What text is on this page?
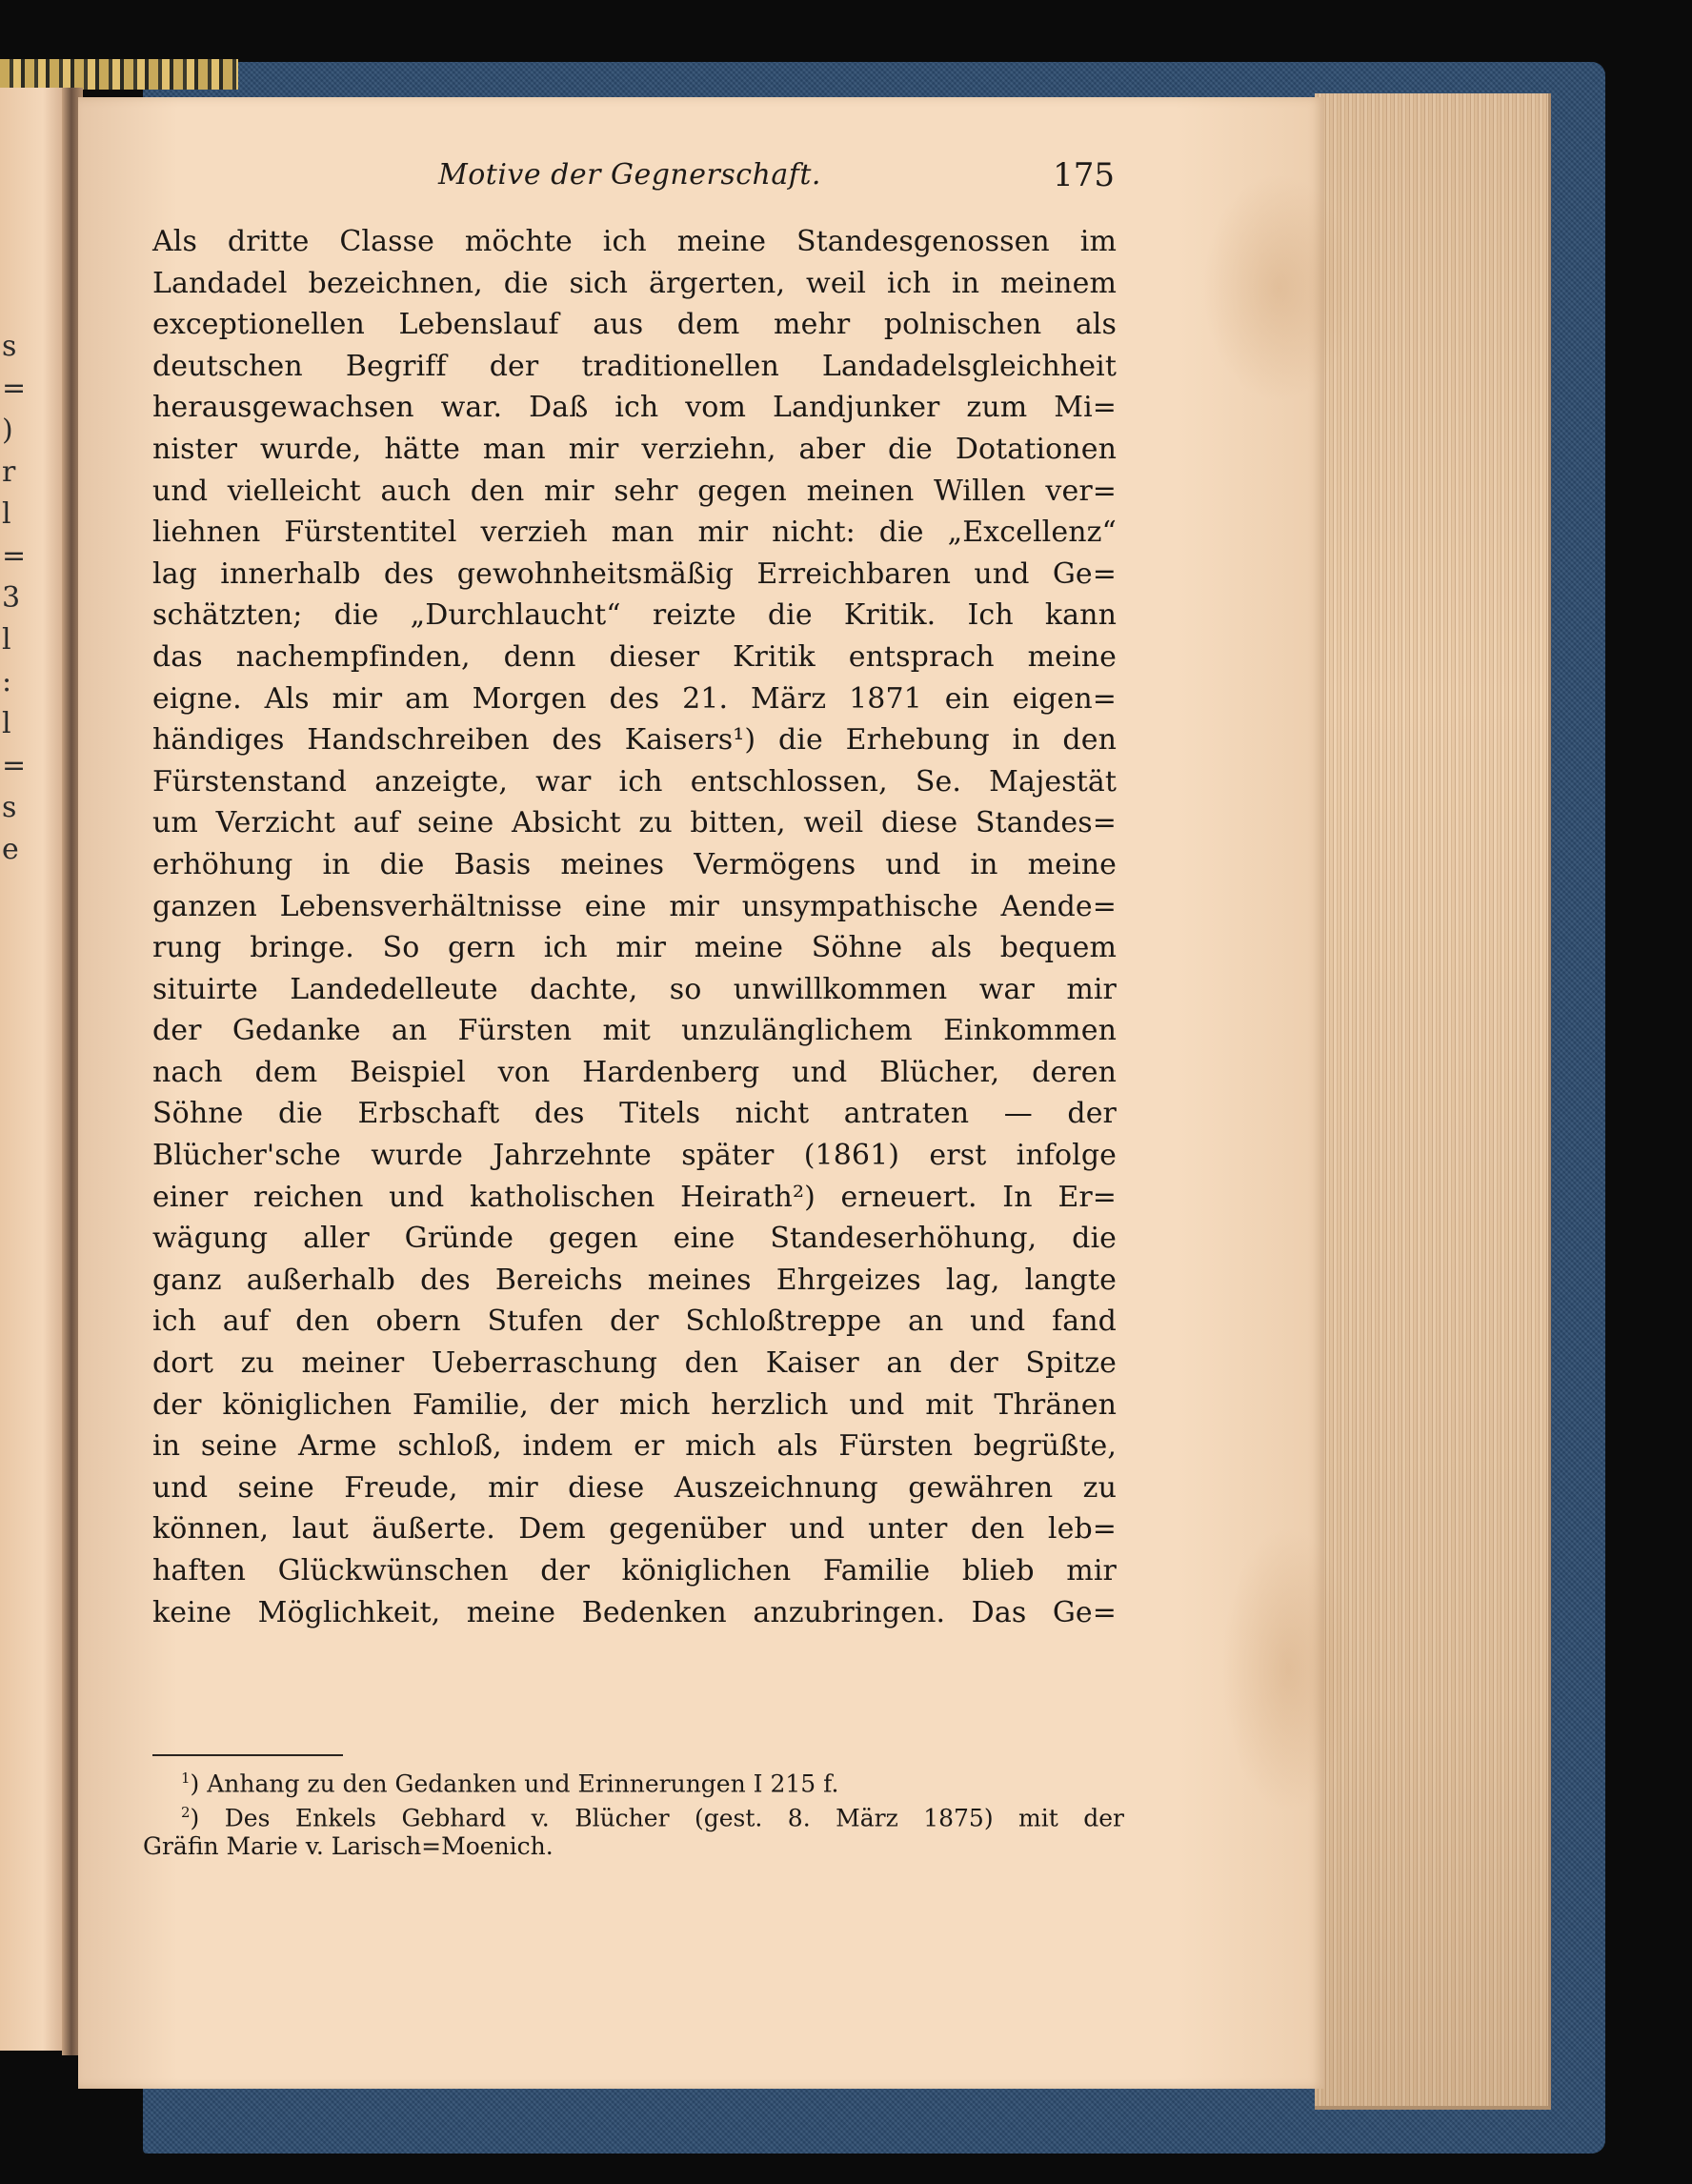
s
=
)
r
l
=
3
l
:
l
=
s
e
Motive der Gegnerschaft.	175
Als dritte Classe möchte ich meine Standesgenossen im
Landadel bezeichnen, die sich ärgerten, weil ich in meinem
exceptionellen Lebenslauf aus dem mehr polnischen als
deutschen Begriff der traditionellen Landadelsgleichheit
herausgewachsen war. Daß ich vom Landjunker zum Mi=
nister wurde, hätte man mir verziehn, aber die Dotationen
und vielleicht auch den mir sehr gegen meinen Willen ver=
liehnen Fürstentitel verzieh man mir nicht: die „Excellenz“
lag innerhalb des gewohnheitsmäßig Erreichbaren und Ge=
schätzten; die „Durchlaucht“ reizte die Kritik. Ich kann
das nachempfinden, denn dieser Kritik entsprach meine
eigne. Als mir am Morgen des 21. März 1871 ein eigen=
händiges Handschreiben des Kaisers¹) die Erhebung in den
Fürstenstand anzeigte, war ich entschlossen, Se. Majestät
um Verzicht auf seine Absicht zu bitten, weil diese Standes=
erhöhung in die Basis meines Vermögens und in meine
ganzen Lebensverhältnisse eine mir unsympathische Aende=
rung bringe. So gern ich mir meine Söhne als bequem
situirte Landedelleute dachte, so unwillkommen war mir
der Gedanke an Fürsten mit unzulänglichem Einkommen
nach dem Beispiel von Hardenberg und Blücher, deren
Söhne die Erbschaft des Titels nicht antraten — der
Blücher'sche wurde Jahrzehnte später (1861) erst infolge
einer reichen und katholischen Heirath²) erneuert. In Er=
wägung aller Gründe gegen eine Standeserhöhung, die
ganz außerhalb des Bereichs meines Ehrgeizes lag, langte
ich auf den obern Stufen der Schloßtreppe an und fand
dort zu meiner Ueberraschung den Kaiser an der Spitze
der königlichen Familie, der mich herzlich und mit Thränen
in seine Arme schloß, indem er mich als Fürsten begrüßte,
und seine Freude, mir diese Auszeichnung gewähren zu
können, laut äußerte. Dem gegenüber und unter den leb=
haften Glückwünschen der königlichen Familie blieb mir
keine Möglichkeit, meine Bedenken anzubringen. Das Ge=
$^1$) Anhang zu den Gedanken und Erinnerungen I 215 f.
$^2$) Des Enkels Gebhard v. Blücher (gest. 8. März 1875) mit der
Gräfin Marie v. Larisch=Moenich.
